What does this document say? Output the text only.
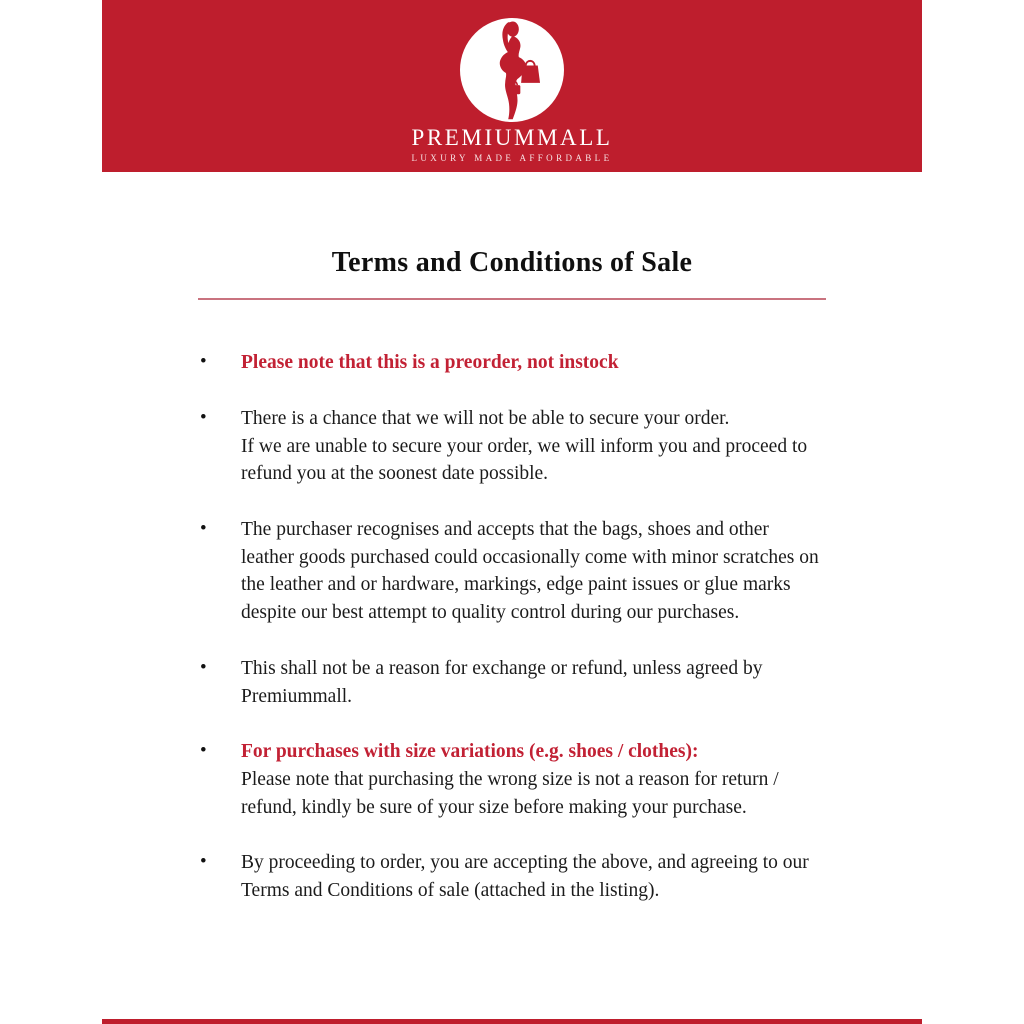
PREMIUMMALL
LUXURY MADE AFFORDABLE
Terms and Conditions of Sale
• Please note that this is a preorder, not instock
• There is a chance that we will not be able to secure your order.
If we are unable to secure your order, we will inform you and proceed to refund you at the soonest date possible.
• The purchaser recognises and accepts that the bags, shoes and other leather goods purchased could occasionally come with minor scratches on the leather and or hardware, markings, edge paint issues or glue marks despite our best attempt to quality control during our purchases.
• This shall not be a reason for exchange or refund, unless agreed by Premiummall.
• For purchases with size variations (e.g. shoes / clothes):
Please note that purchasing the wrong size is not a reason for return / refund, kindly be sure of your size before making your purchase.
• By proceeding to order, you are accepting the above, and agreeing to our Terms and Conditions of sale (attached in the listing).
